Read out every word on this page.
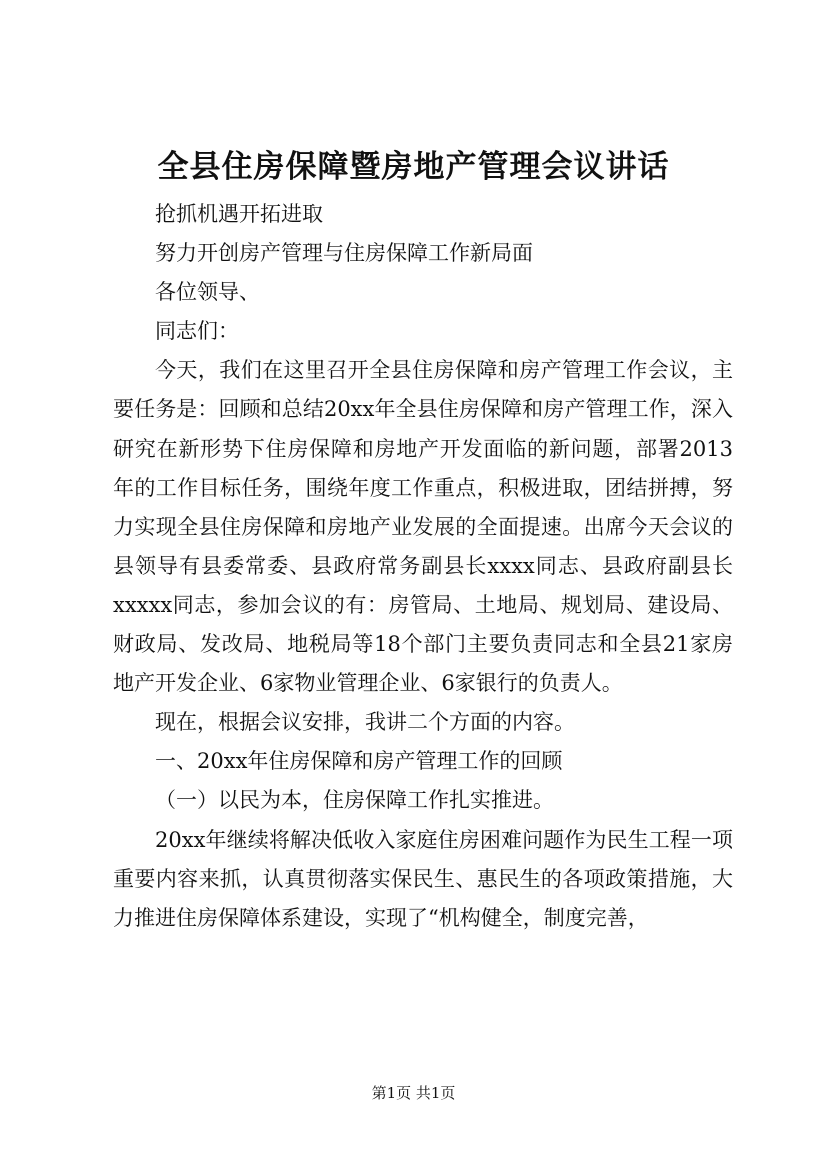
全县住房保障暨房地产管理会议讲话

抢抓机遇开拓进取

努力开创房产管理与住房保障工作新局面

各位领导、

同志们：

今天，我们在这里召开全县住房保障和房产管理工作会议，主要任务是：回顾和总结20xx年全县住房保障和房产管理工作，深入研究在新形势下住房保障和房地产开发面临的新问题，部署2013年的工作目标任务，围绕年度工作重点，积极进取，团结拼搏，努力实现全县住房保障和房地产业发展的全面提速。出席今天会议的县领导有县委常委、县政府常务副县长xxxx同志、县政府副县长xxxxx同志，参加会议的有：房管局、土地局、规划局、建设局、财政局、发改局、地税局等18个部门主要负责同志和全县21家房地产开发企业、6家物业管理企业、6家银行的负责人。

现在，根据会议安排，我讲二个方面的内容。

一、20xx年住房保障和房产管理工作的回顾

（一）以民为本，住房保障工作扎实推进。

20xx年继续将解决低收入家庭住房困难问题作为民生工程一项重要内容来抓，认真贯彻落实保民生、惠民生的各项政策措施，大力推进住房保障体系建设，实现了“机构健全，制度完善，

第1页 共1页
